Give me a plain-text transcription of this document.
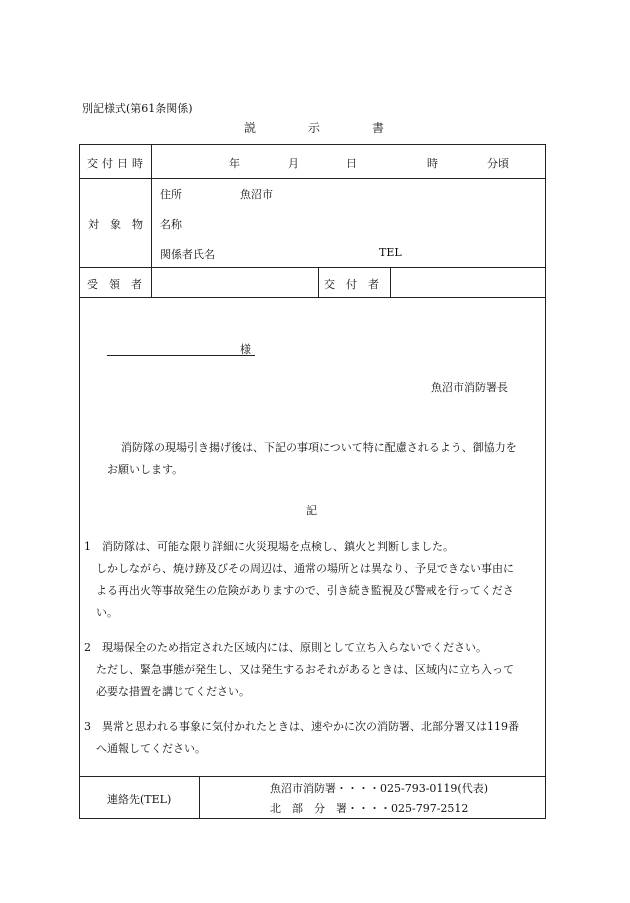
別記様式(第61条関係)
説　示　書
交付日時	年	月	日	時	分頃
対　象　物
住所	魚沼市
名称
関係者氏名	TEL
受　領　者	交　付　者
様
魚沼市消防署長
消防隊の現場引き揚げ後は、下記の事項について特に配慮されるよう、御協力を
お願いします。
記
1　消防隊は、可能な限り詳細に火災現場を点検し、鎮火と判断しました。
しかしながら、焼け跡及びその周辺は、通常の場所とは異なり、予見できない事由に
よる再出火等事故発生の危険がありますので、引き続き監視及び警戒を行ってくださ
い。
2　現場保全のため指定された区域内には、原則として立ち入らないでください。
ただし、緊急事態が発生し、又は発生するおそれがあるときは、区域内に立ち入って
必要な措置を講じてください。
3　異常と思われる事象に気付かれたときは、速やかに次の消防署、北部分署又は119番
へ通報してください。
連絡先(TEL)
魚沼市消防署・・・・025-793-0119(代表)
北　部　分　署・・・・025-797-2512
